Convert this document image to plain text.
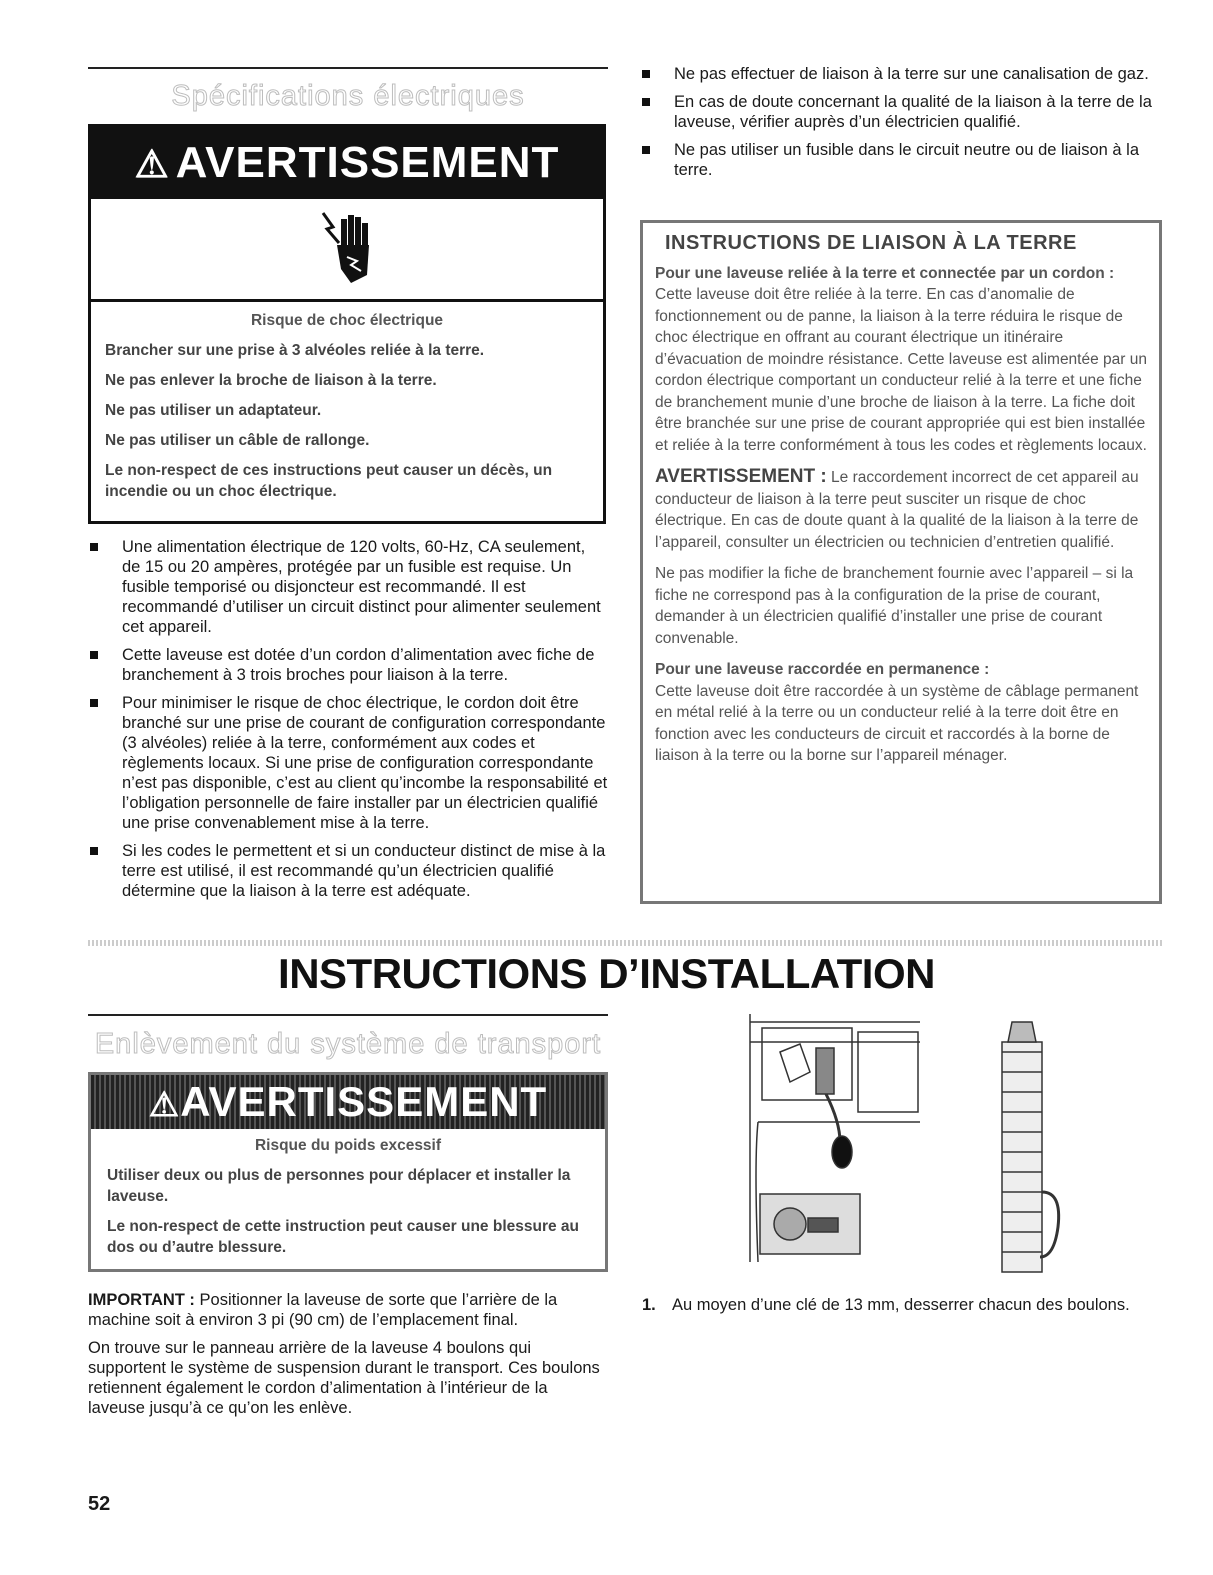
Spécifications électriques
⚠ AVERTISSEMENT

Risque de choc électrique

Brancher sur une prise à 3 alvéoles reliée à la terre.

Ne pas enlever la broche de liaison à la terre.

Ne pas utiliser un adaptateur.

Ne pas utiliser un câble de rallonge.

Le non-respect de ces instructions peut causer un décès, un incendie ou un choc électrique.

Une alimentation électrique de 120 volts, 60-Hz, CA seulement, de 15 ou 20 ampères, protégée par un fusible est requise. Un fusible temporisé ou disjoncteur est recommandé. Il est recommandé d’utiliser un circuit distinct pour alimenter seulement cet appareil.
Cette laveuse est dotée d’un cordon d’alimentation avec fiche de branchement à 3 trois broches pour liaison à la terre.
Pour minimiser le risque de choc électrique, le cordon doit être branché sur une prise de courant de configuration correspondante (3 alvéoles) reliée à la terre, conformément aux codes et règlements locaux. Si une prise de configuration correspondante n’est pas disponible, c’est au client qu’incombe la responsabilité et l’obligation personnelle de faire installer par un électricien qualifié une prise convenablement mise à la terre.
Si les codes le permettent et si un conducteur distinct de mise à la terre est utilisé, il est recommandé qu’un électricien qualifié détermine que la liaison à la terre est adéquate.
Ne pas effectuer de liaison à la terre sur une canalisation de gaz.
En cas de doute concernant la qualité de la liaison à la terre de la laveuse, vérifier auprès d’un électricien qualifié.
Ne pas utiliser un fusible dans le circuit neutre ou de liaison à la terre.
INSTRUCTIONS DE LIAISON À LA TERRE

Pour une laveuse reliée à la terre et connectée par un cordon :

Cette laveuse doit être reliée à la terre. En cas d’anomalie de fonctionnement ou de panne, la liaison à la terre réduira le risque de choc électrique en offrant au courant électrique un itinéraire d’évacuation de moindre résistance. Cette laveuse est alimentée par un cordon électrique comportant un conducteur relié à la terre et une fiche de branchement munie d’une broche de liaison à la terre. La fiche doit être branchée sur une prise de courant appropriée qui est bien installée et reliée à la terre conformément à tous les codes et règlements locaux.

AVERTISSEMENT : Le raccordement incorrect de cet appareil au conducteur de liaison à la terre peut susciter un risque de choc électrique. En cas de doute quant à la qualité de la liaison à la terre de l’appareil, consulter un électricien ou technicien d’entretien qualifié.

Ne pas modifier la fiche de branchement fournie avec l’appareil – si la fiche ne correspond pas à la configuration de la prise de courant, demander à un électricien qualifié d’installer une prise de courant convenable.

Pour une laveuse raccordée en permanence :

Cette laveuse doit être raccordée à un système de câblage permanent en métal relié à la terre ou un conducteur relié à la terre doit être en fonction avec les conducteurs de circuit et raccordés à la borne de liaison à la terre ou la borne sur l’appareil ménager.

INSTRUCTIONS D’INSTALLATION
Enlèvement du système de transport
⚠AVERTISSEMENT

Risque du poids excessif

Utiliser deux ou plus de personnes pour déplacer et installer la laveuse.

Le non-respect de cette instruction peut causer une blessure au dos ou d’autre blessure.

IMPORTANT : Positionner la laveuse de sorte que l’arrière de la machine soit à environ 3 pi (90 cm) de l’emplacement final.

On trouve sur le panneau arrière de la laveuse 4 boulons qui supportent le système de suspension durant le transport. Ces boulons retiennent également le cordon d’alimentation à l’intérieur de la laveuse jusqu’à ce qu’on les enlève.

1. Au moyen d’une clé de 13 mm, desserrer chacun des boulons.
52
